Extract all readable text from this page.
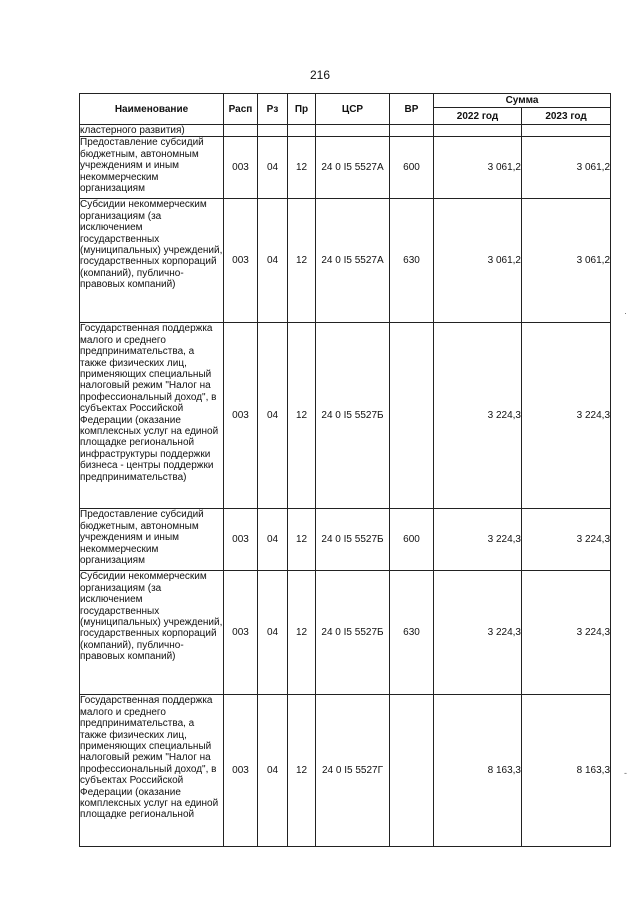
216
Наименование	Расп	Рз	Пр	ЦСР	ВР	Сумма	
						2022 год	2023 год
кластерного развития)							
Предоставление субсидий бюджетным, автономным учреждениям и иным некоммерческим организациям	003	04	12	24 0 I5 5527А	600	3 061,2	3 061,2
Субсидии некоммерческим организациям (за исключением государственных (муниципальных) учреждений, государственных корпораций (компаний), публично-правовых компаний)	003	04	12	24 0 I5 5527А	630	3 061,2	3 061,2
Государственная поддержка малого и среднего предпринимательства, а также физических лиц, применяющих специальный налоговый режим "Налог на профессиональный доход", в субъектах Российской Федерации (оказание комплексных услуг на единой площадке региональной инфраструктуры поддержки бизнеса - центры поддержки предпринимательства)	003	04	12	24 0 I5 5527Б		3 224,3	3 224,3
Предоставление субсидий бюджетным, автономным учреждениям и иным некоммерческим организациям	003	04	12	24 0 I5 5527Б	600	3 224,3	3 224,3
Субсидии некоммерческим организациям (за исключением государственных (муниципальных) учреждений, государственных корпораций (компаний), публично-правовых компаний)	003	04	12	24 0 I5 5527Б	630	3 224,3	3 224,3
Государственная поддержка малого и среднего предпринимательства, а также физических лиц, применяющих специальный налоговый режим "Налог на профессиональный доход", в субъектах Российской Федерации (оказание комплексных услуг на единой площадке региональной	003	04	12	24 0 I5 5527Г		8 163,3	8 163,3
·
-
